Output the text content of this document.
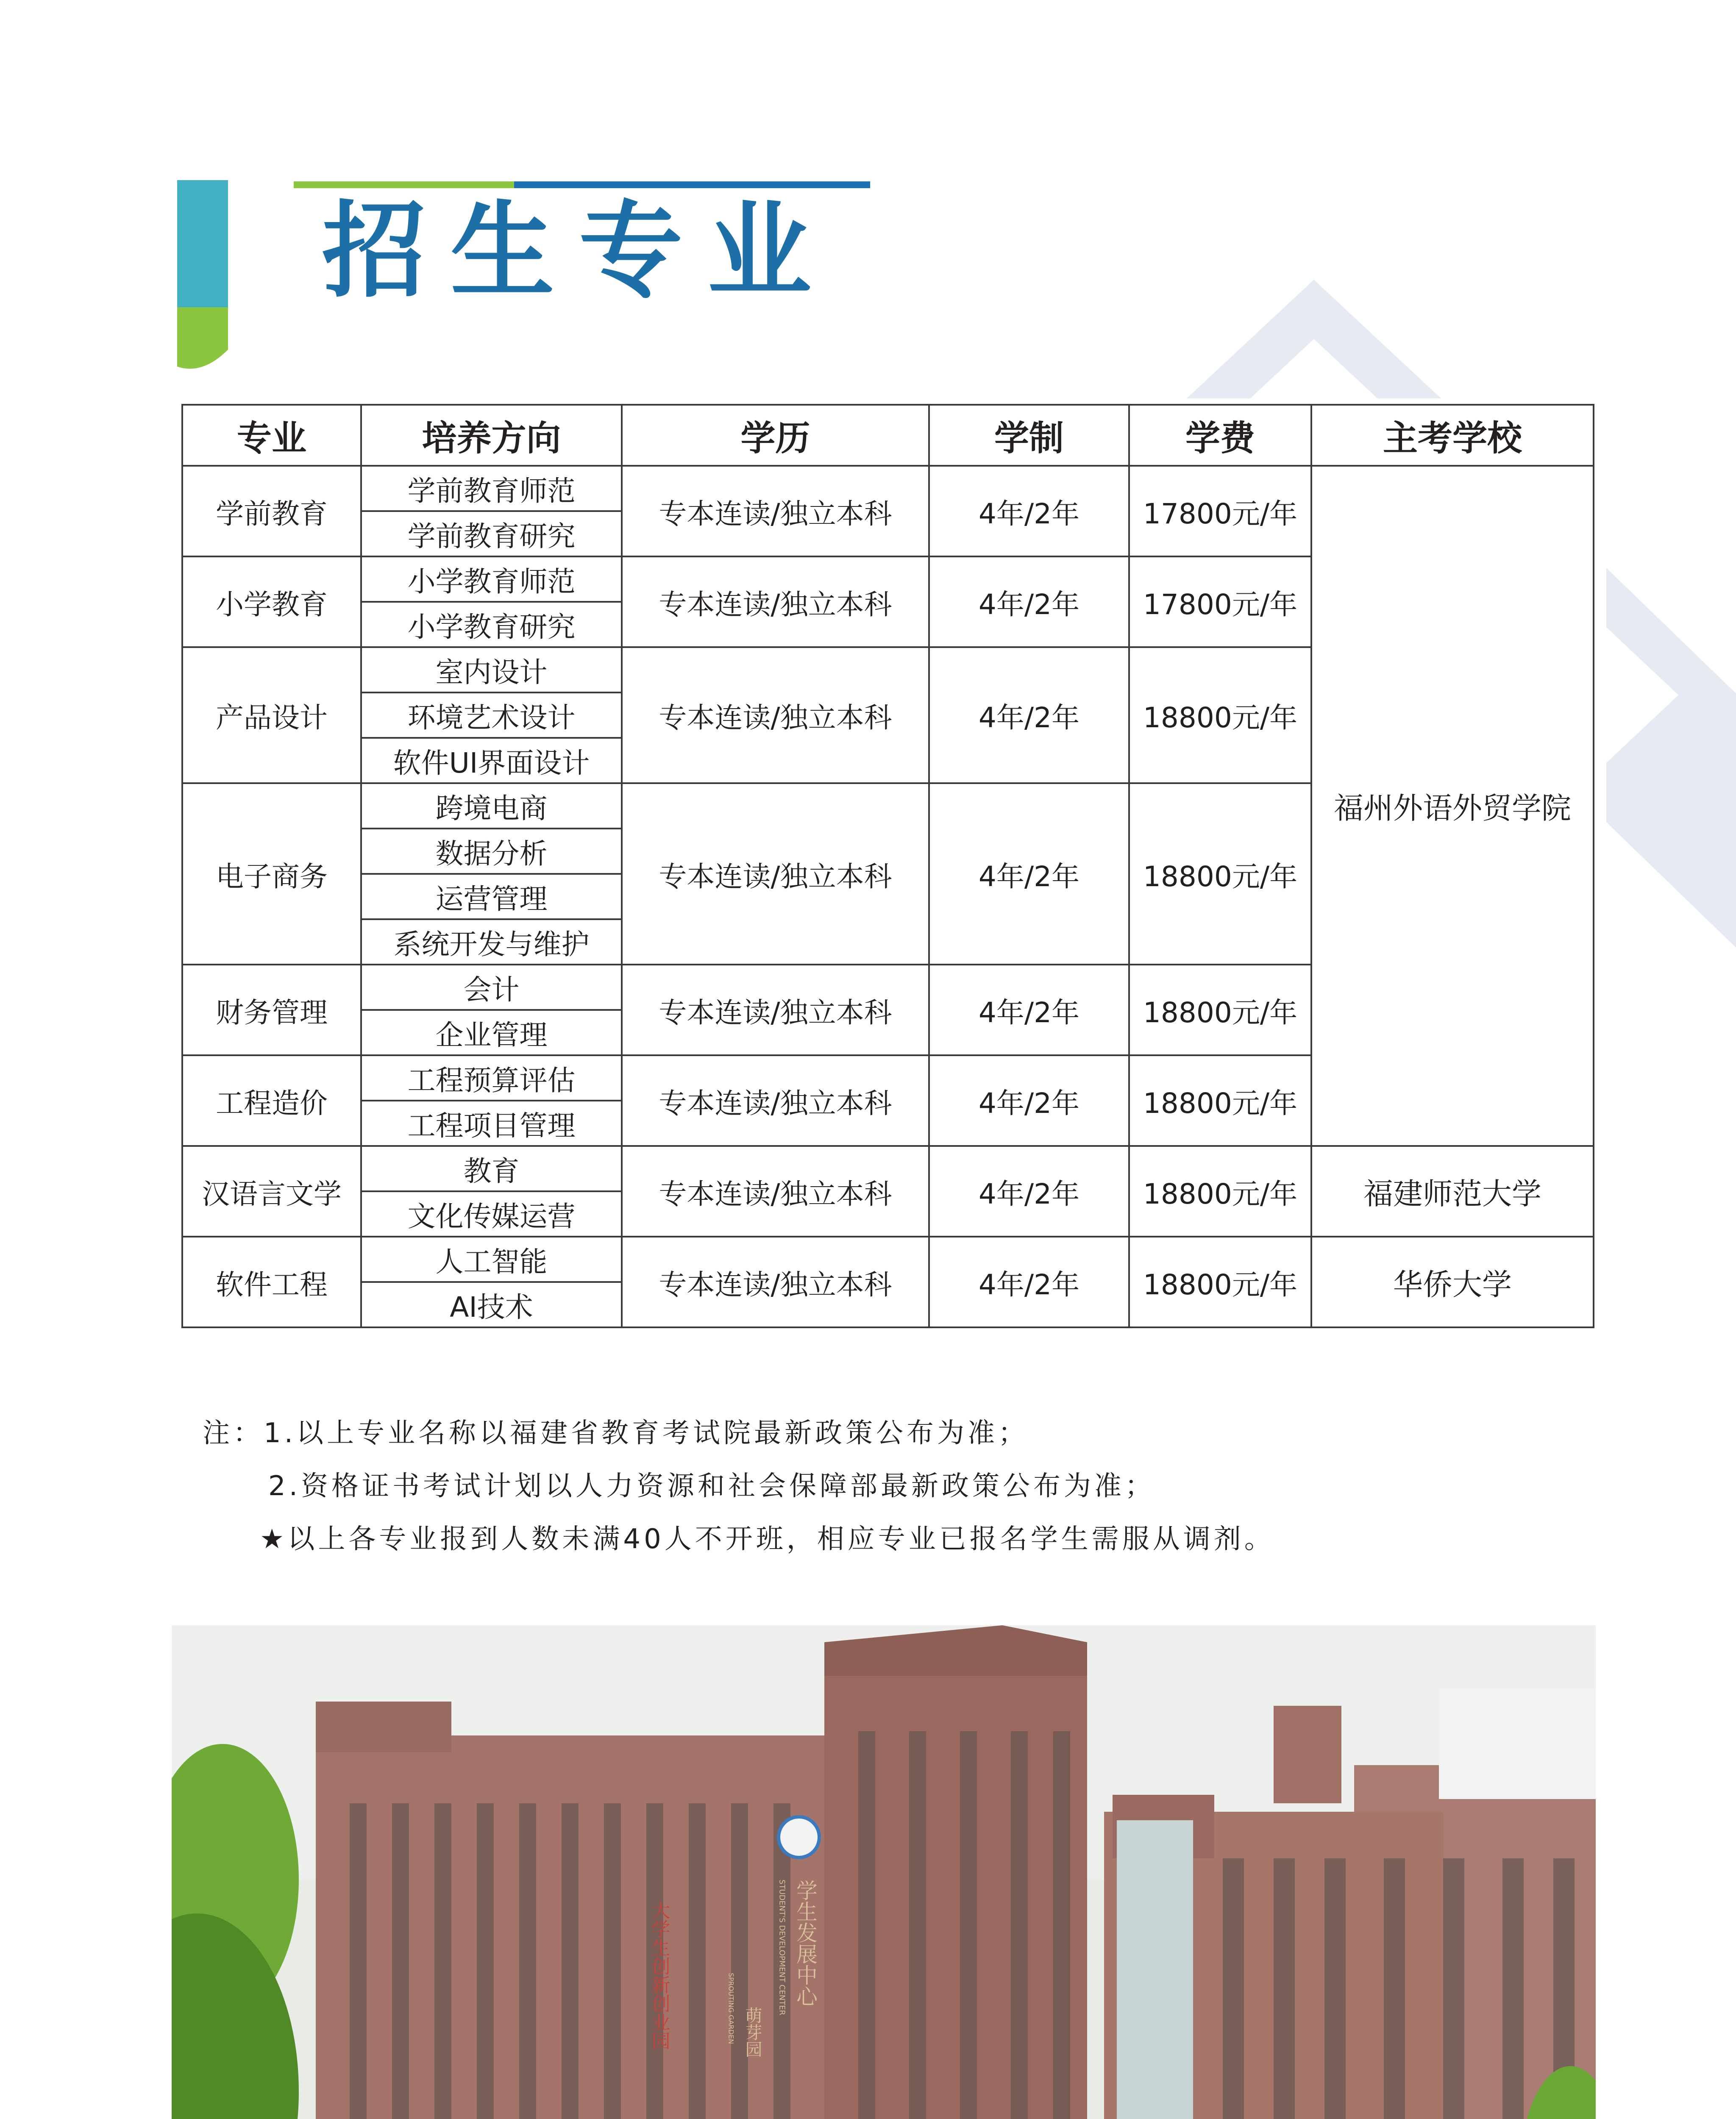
招生专业
专业	培养方向	学历	学制	学费	主考学校
学前教育	学前教育师范	专本连读/独立本科	4年/2年	17800元/年	福州外语外贸学院
	学前教育研究				
小学教育	小学教育师范	专本连读/独立本科	4年/2年	17800元/年	
	小学教育研究				
产品设计	室内设计	专本连读/独立本科	4年/2年	18800元/年	
	环境艺术设计				
	软件UI界面设计				
电子商务	跨境电商	专本连读/独立本科	4年/2年	18800元/年	
	数据分析				
	运营管理				
	系统开发与维护				
财务管理	会计	专本连读/独立本科	4年/2年	18800元/年	
	企业管理				
工程造价	工程预算评估	专本连读/独立本科	4年/2年	18800元/年	
	工程项目管理				
汉语言文学	教育	专本连读/独立本科	4年/2年	18800元/年	福建师范大学
	文化传媒运营				
软件工程	人工智能	专本连读/独立本科	4年/2年	18800元/年	华侨大学
	AI技术				
注：1.以上专业名称以福建省教育考试院最新政策公布为准；
2.资格证书考试计划以人力资源和社会保障部最新政策公布为准；
★以上各专业报到人数未满40人不开班，相应专业已报名学生需服从调剂。
大学生创新创业园	萌芽园
SPROUTING GARDEN
学生发展中心
STUDENT'S DEVELOPMENT CENTER
